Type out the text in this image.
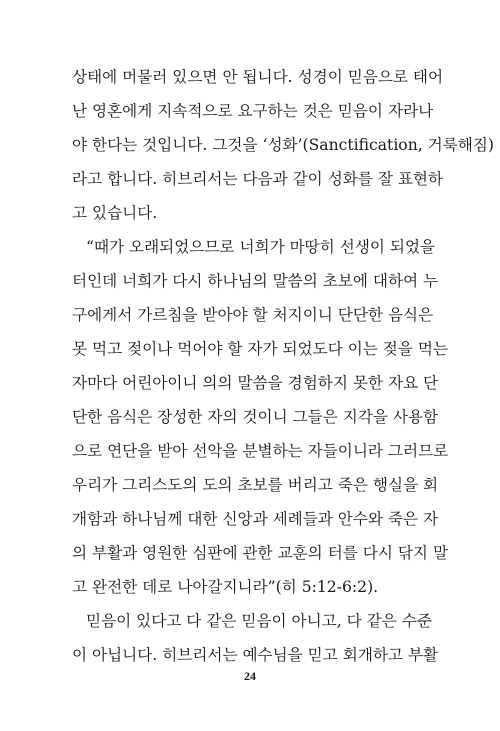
상태에 머물러 있으면 안 됩니다. 성경이 믿음으로 태어
난 영혼에게 지속적으로 요구하는 것은 믿음이 자라나
야 한다는 것입니다. 그것을 ‘성화’(Sanctification, 거룩해짐)
라고 합니다. 히브리서는 다음과 같이 성화를 잘 표현하
고 있습니다.
“때가 오래되었으므로 너희가 마땅히 선생이 되었을
터인데 너희가 다시 하나님의 말씀의 초보에 대하여 누
구에게서 가르침을 받아야 할 처지이니 단단한 음식은
못 먹고 젖이나 먹어야 할 자가 되었도다 이는 젖을 먹는
자마다 어린아이니 의의 말씀을 경험하지 못한 자요 단
단한 음식은 장성한 자의 것이니 그들은 지각을 사용함
으로 연단을 받아 선악을 분별하는 자들이니라 그러므로
우리가 그리스도의 도의 초보를 버리고 죽은 행실을 회
개함과 하나님께 대한 신앙과 세례들과 안수와 죽은 자
의 부활과 영원한 심판에 관한 교훈의 터를 다시 닦지 말
고 완전한 데로 나아갈지니라”(히 5:12-6:2).
믿음이 있다고 다 같은 믿음이 아니고, 다 같은 수준
이 아닙니다. 히브리서는 예수님을 믿고 회개하고 부활
24
